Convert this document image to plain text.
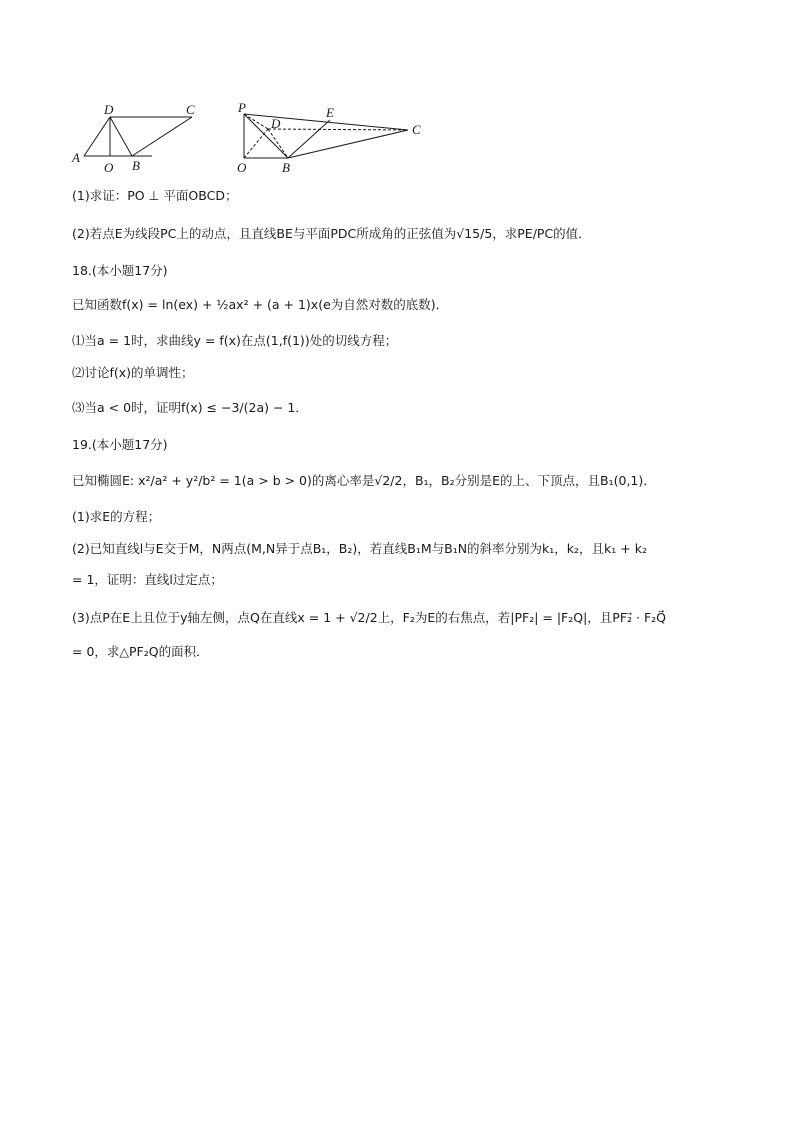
D	C
A
O B
P	E
D	C
O	B
(1)求证：PO ⊥ 平面OBCD；
(2)若点E为线段PC上的动点，且直线BE与平面PDC所成角的正弦值为√15/5，求PE/PC的值．
18.(本小题17分)
已知函数f(x) = ln(ex) + ½ax² + (a + 1)x(e为自然对数的底数)．
⑴当a = 1时，求曲线y = f(x)在点(1,f(1))处的切线方程；
⑵讨论f(x)的单调性；
⑶当a < 0时，证明f(x) ≤ −3/(2a) − 1．
19.(本小题17分)
已知椭圆E: x²/a² + y²/b² = 1(a > b > 0)的离心率是√2/2，B₁，B₂分别是E的上、下顶点，且B₁(0,1)．
(1)求E的方程；
(2)已知直线l与E交于M，N两点(M,N异于点B₁，B₂)，若直线B₁M与B₁N的斜率分别为k₁，k₂，且k₁ + k₂
= 1，证明：直线l过定点；
(3)点P在E上且位于y轴左侧，点Q在直线x = 1 + √2/2上，F₂为E的右焦点，若|PF₂| = |F₂Q|，且PF₂⃗ · F₂Q⃗
= 0，求△PF₂Q的面积．
